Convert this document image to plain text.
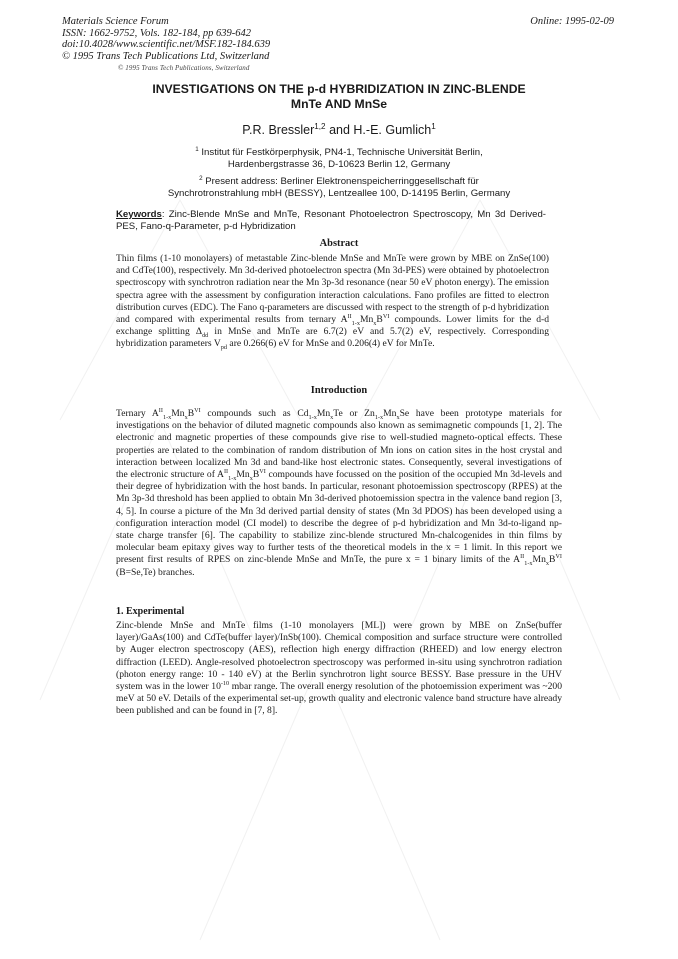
Materials Science Forum
ISSN: 1662-9752, Vols. 182-184, pp 639-642
doi:10.4028/www.scientific.net/MSF.182-184.639
© 1995 Trans Tech Publications Ltd, Switzerland
Online: 1995-02-09
© 1995 Trans Tech Publications, Switzerland
INVESTIGATIONS ON THE p-d HYBRIDIZATION IN ZINC-BLENDE
MnTe AND MnSe
P.R. Bressler$^{1,2}$ and H.-E. Gumlich$^1$
$^1$ Institut für Festkörperphysik, PN4-1, Technische Universität Berlin,
Hardenbergstrasse 36, D-10623 Berlin 12, Germany
$^2$ Present address: Berliner Elektronenspeicherringgesellschaft für
Synchrotronstrahlung mbH (BESSY), Lentzeallee 100, D-14195 Berlin, Germany
Keywords: Zinc-Blende MnSe and MnTe, Resonant Photoelectron Spectroscopy, Mn 3d Derived-PES, Fano-q-Parameter, p-d Hybridization
Abstract
Thin films (1-10 monolayers) of metastable Zinc-blende MnSe and MnTe were grown by MBE on ZnSe(100) and CdTe(100), respectively. Mn 3d-derived photoelectron spectra (Mn 3d-PES) were obtained by photoelectron spectroscopy with synchrotron radiation near the Mn 3p-3d resonance (near 50 eV photon energy). The emission spectra agree with the assessment by configuration interaction calculations. Fano profiles are fitted to electron distribution curves (EDC). The Fano q-parameters are discussed with respect to the strength of p-d hybridization and compared with experimental results from ternary $A^{II}_{1-x}Mn_xB^{VI}$ compounds. Lower limits for the d-d exchange splitting $\Delta_{dd}$ in MnSe and MnTe are 6.7(2) eV and 5.7(2) eV, respectively. Corresponding hybridization parameters $V_{pd}$ are 0.266(6) eV for MnSe and 0.206(4) eV for MnTe.
Introduction
Ternary $A^{II}_{1-x}Mn_xB^{VI}$ compounds such as $Cd_{1-x}Mn_xTe$ or $Zn_{1-x}Mn_xSe$ have been prototype materials for investigations on the behavior of diluted magnetic compounds also known as semimagnetic compounds [1, 2]. The electronic and magnetic properties of these compounds give rise to well-studied magneto-optical effects. These properties are related to the combination of random distribution of Mn ions on cation sites in the host crystal and interaction between localized Mn 3d and band-like host electronic states. Consequently, several investigations of the electronic structure of $A^{II}_{1-x}Mn_xB^{VI}$ compounds have focussed on the position of the occupied Mn 3d-levels and their degree of hybridization with the host bands. In particular, resonant photoemission spectroscopy (RPES) at the Mn 3p-3d threshold has been applied to obtain Mn 3d-derived photoemission spectra in the valence band region [3, 4, 5]. In course a picture of the Mn 3d derived partial density of states (Mn 3d PDOS) has been developed using a configuration interaction model (CI model) to describe the degree of p-d hybridization and Mn 3d-to-ligand np-state charge transfer [6]. The capability to stabilize zinc-blende structured Mn-chalcogenides in thin films by molecular beam epitaxy gives way to further tests of the theoretical models in the x = 1 limit. In this report we present first results of RPES on zinc-blende MnSe and MnTe, the pure x = 1 binary limits of the $A^{II}_{1-x}Mn_xB^{VI}$ (B=Se,Te) branches.
1. Experimental
Zinc-blende MnSe and MnTe films (1-10 monolayers [ML]) were grown by MBE on ZnSe(buffer layer)/GaAs(100) and CdTe(buffer layer)/InSb(100). Chemical composition and surface structure were controlled by Auger electron spectroscopy (AES), reflection high energy diffraction (RHEED) and low energy electron diffraction (LEED). Angle-resolved photoelectron spectroscopy was performed in-situ using synchrotron radiation (photon energy range: 10 - 140 eV) at the Berlin synchrotron light source BESSY. Base pressure in the UHV system was in the lower $10^{-10}$ mbar range. The overall energy resolution of the photoemission experiment was ~200 meV at 50 eV. Details of the experimental set-up, growth quality and electronic valence band structure have already been published and can be found in [7, 8].
